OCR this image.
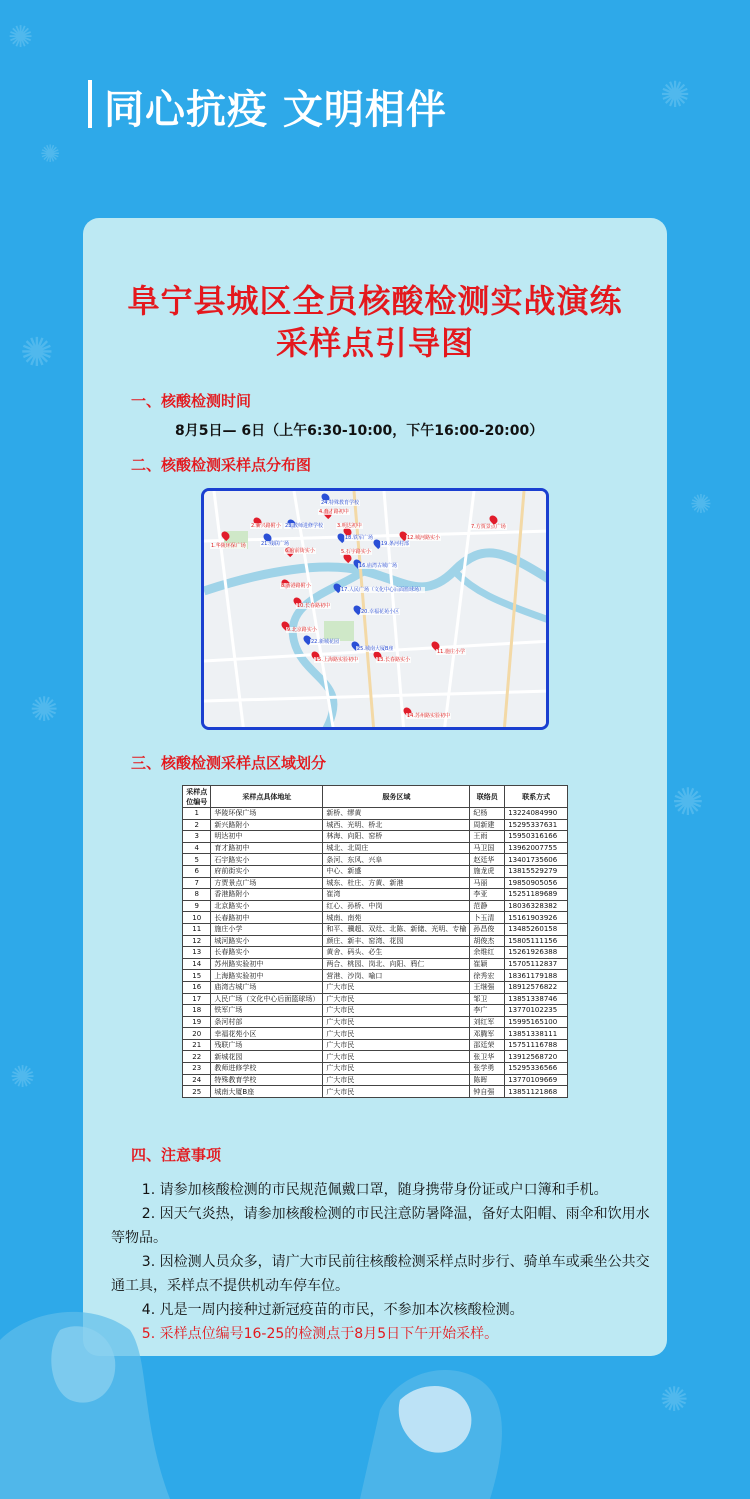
✺
✺
✺
✺
✺
✺
✺
✺
✺
同心抗疫 文明相伴
阜宁县城区全员核酸检测实战演练
采样点引导图
一、核酸检测时间
8月5日— 6日（上午6:30-10:00，下午16:00-20:00）
二、核酸检测采样点分布图
1.华陵环保广场
2.新兴路附小	3.明达初中
4.育才路初中
5.石宇路实小
6.府前街实小
7.方贾景点广场
8.香港路附小
9.北京路实小
10.长春路初中
11.施庄小学
12.城河路实小
13.长春路实小
14.苏州路实验初中
15.上海路实验初中
16.庙湾古城广场
17.人民广场（文化中心后面篮球场）
18.铁军广场
19.条河村部
20.幸福花苑小区
21.残联广场
22.新城花园
23.教师进修学校
24.特殊教育学校
25.城南大厦B座
三、核酸检测采样点区域划分
采样点位编号	采样点具体地址	服务区域	联络员	联系方式
1	华陵环保广场	新桥、缪黄	纪杨	13224084990
2	新兴路附小	城西、光明、桥北	周新建	15295337631
3	明达初中	林海、向阳、窑桥	王雨	15950316166
4	育才路初中	城北、北周庄	马卫国	13962007755
5	石宇路实小	条河、东风、兴阜	赵廷华	13401735606
6	府前街实小	中心、新盛	施龙虎	13815529279
7	方贾景点广场	城东、杜庄、方黄、新港	马丽	19850905056
8	香港路附小	崔湾	李亚	15251189689
9	北京路实小	红心、孙桥、中岗	范静	18036328382
10	长春路初中	城南、南苑	卜玉清	15161903926
11	施庄小学	和平、骥超、双灶、北陈、新储、光明、专榆	孙昌俊	13485260158
12	城河路实小	颜庄、新丰、窑湾、花园	胡俊杰	15805111156
13	长春路实小	黄舍、码头、必生	余维红	15261926388
14	苏州路实验初中	两合、桃园、岗北、向阳、鸦仁	崔颖	15705112837
15	上海路实验初中	营港、沙岗、喻口	徐秀宏	18361179188
16	庙湾古城广场	广大市民	王继强	18912576822
17	人民广场（文化中心后面篮球场）	广大市民	邹卫	13851338746
18	铁军广场	广大市民	李广	13770102235
19	条河村部	广大市民	刘红军	15995165100
20	幸福花苑小区	广大市民	邓腾军	13851338111
21	残联广场	广大市民	邵廷荣	15751116788
22	新城花园	广大市民	张卫华	13912568720
23	教师进修学校	广大市民	张学勇	15295336566
24	特殊教育学校	广大市民	陈晖	13770109669
25	城南大厦B座	广大市民	钟自强	13851121868
四、注意事项

1. 请参加核酸检测的市民规范佩戴口罩，随身携带身份证或户口簿和手机。

2. 因天气炎热，请参加核酸检测的市民注意防暑降温，备好太阳帽、雨伞和饮用水等物品。

3. 因检测人员众多，请广大市民前往核酸检测采样点时步行、骑单车或乘坐公共交通工具，采样点不提供机动车停车位。

4. 凡是一周内接种过新冠疫苗的市民，不参加本次核酸检测。

5. 采样点位编号16-25的检测点于8月5日下午开始采样。
